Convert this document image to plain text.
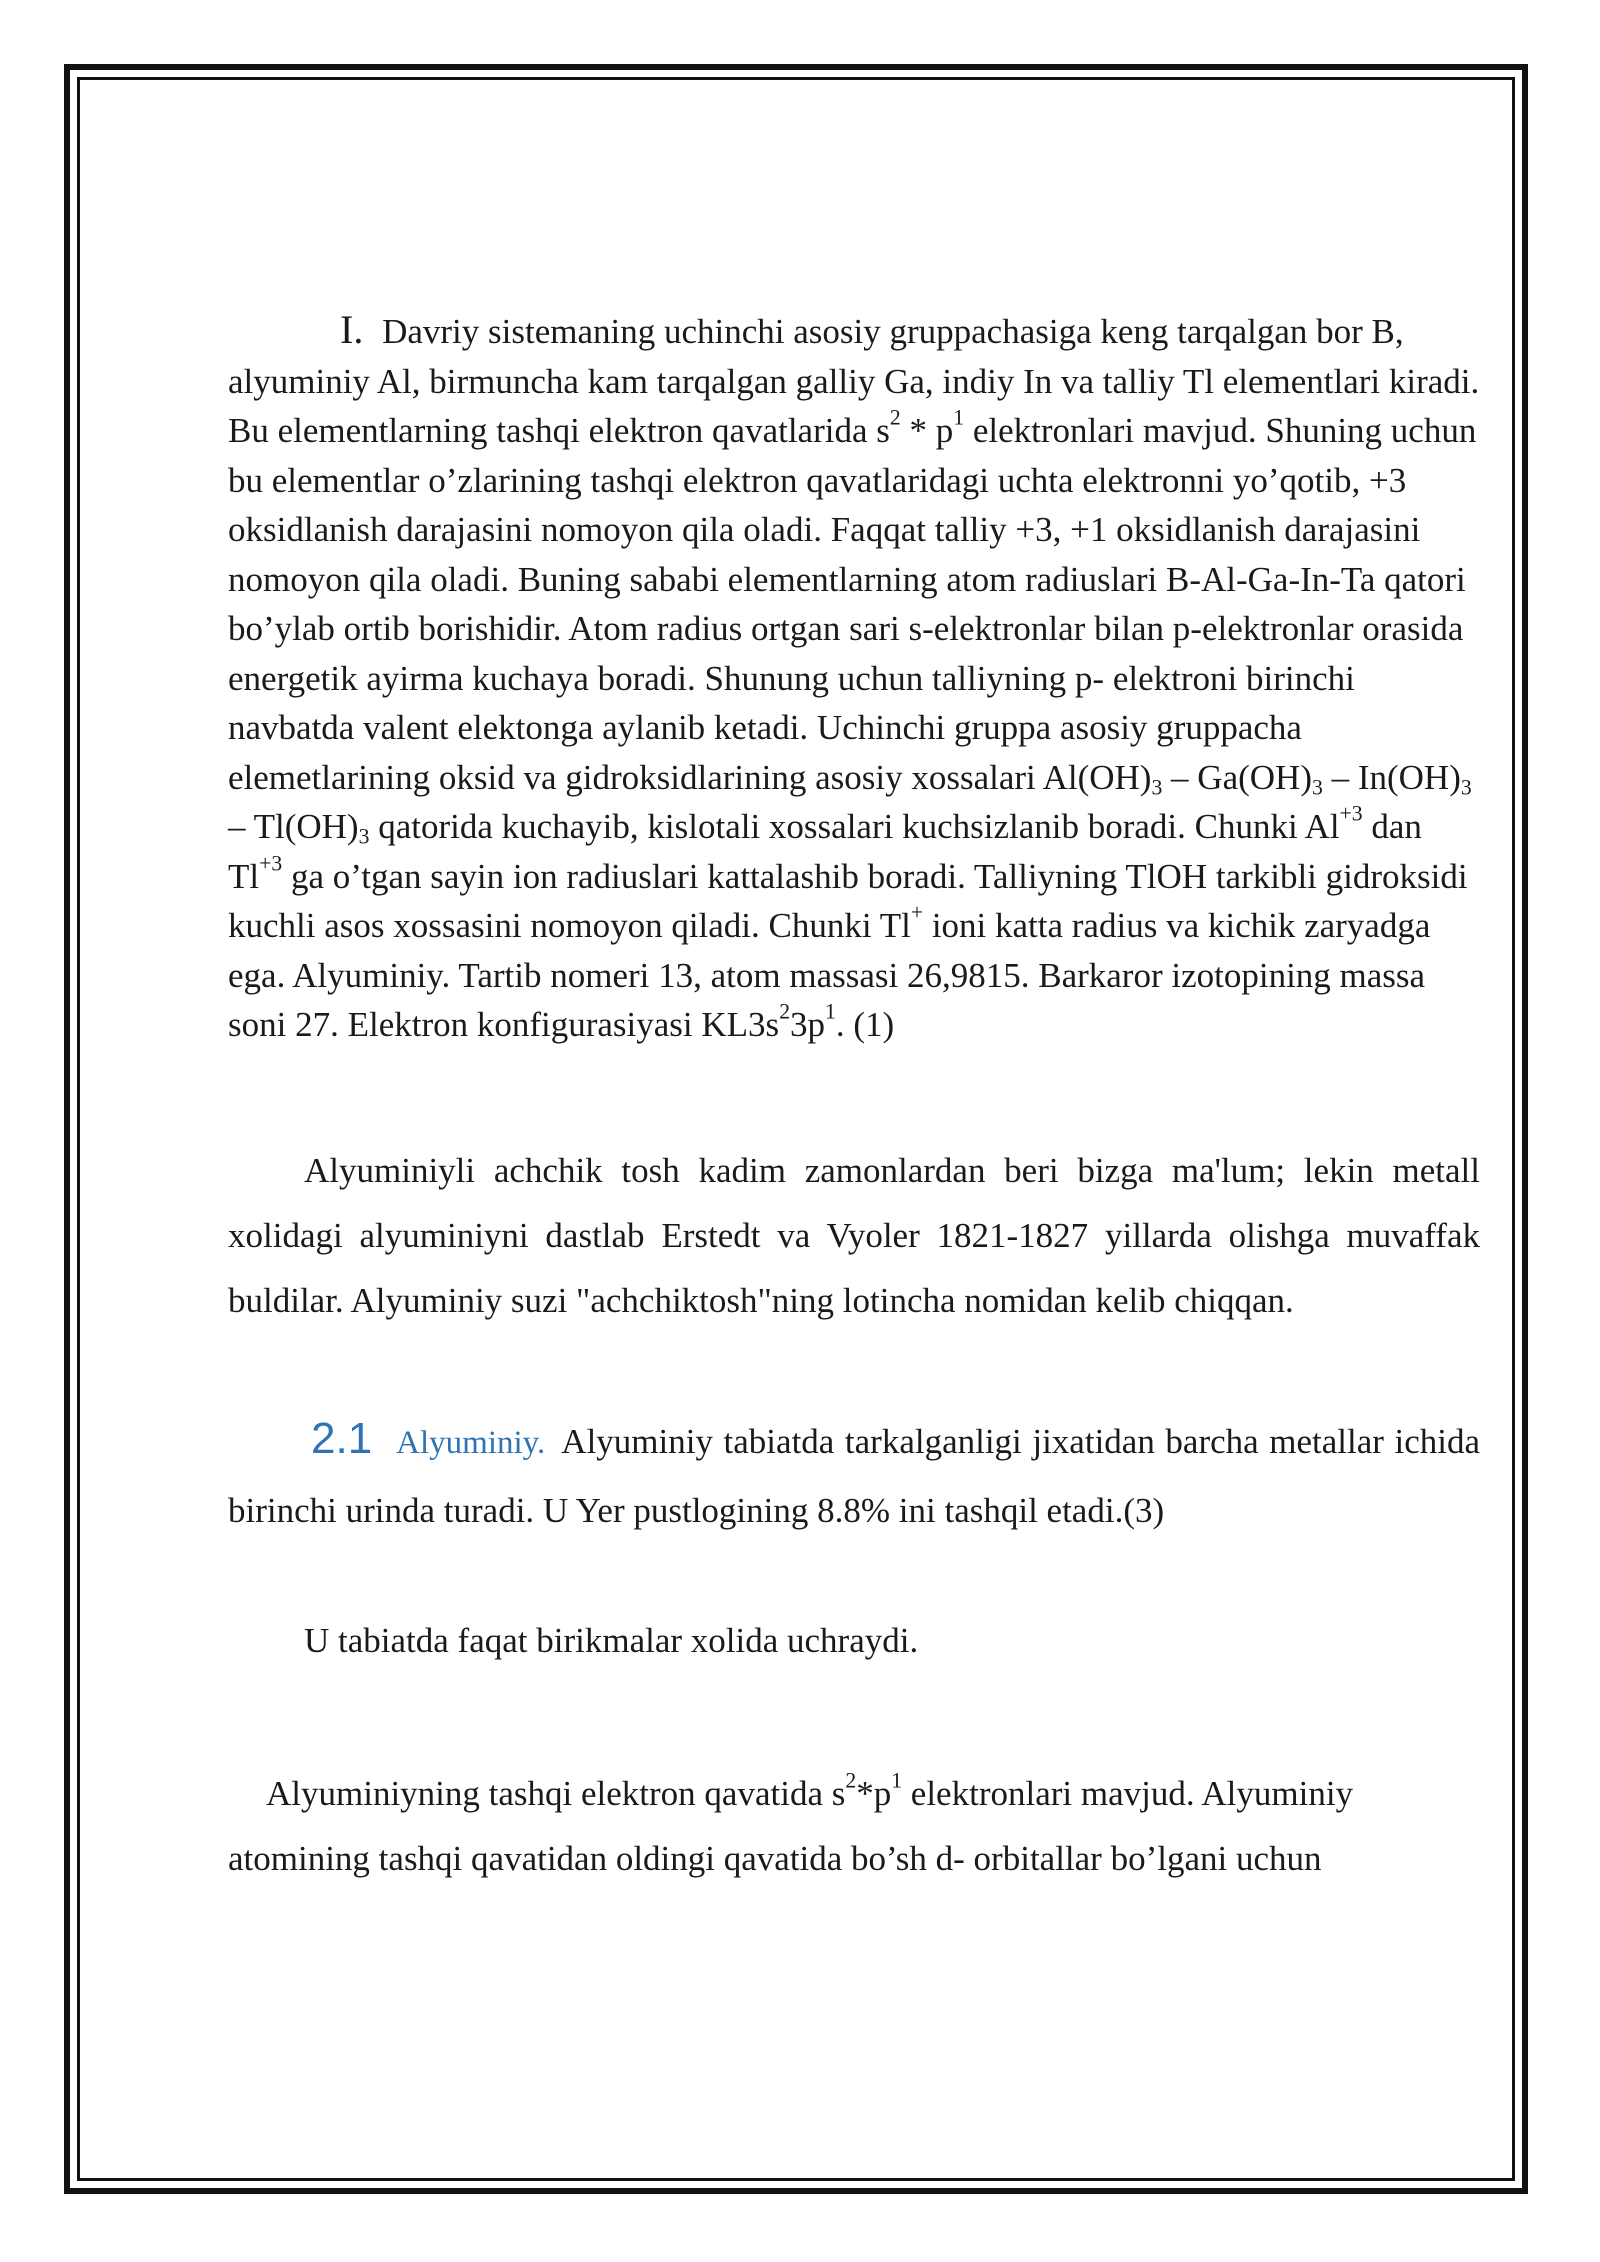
I. Davriy sistemaning uchinchi asosiy gruppachasiga keng tarqalgan bor B, alyuminiy Al, birmuncha kam tarqalgan galliy Ga, indiy In va talliy Tl elementlari kiradi. Bu elementlarning tashqi elektron qavatlarida $s^2 * p^1$ elektronlari mavjud. Shuning uchun bu elementlar o’zlarining tashqi elektron qavatlaridagi uchta elektronni yo’qotib, +3 oksidlanish darajasini nomoyon qila oladi. Faqqat talliy +3, +1 oksidlanish darajasini nomoyon qila oladi. Buning sababi elementlarning atom radiuslari B-Al-Ga-In-Ta qatori bo’ylab ortib borishidir. Atom radius ortgan sari s-elektronlar bilan p-elektronlar orasida energetik ayirma kuchaya boradi. Shunung uchun talliyning p- elektroni birinchi navbatda valent elektonga aylanib ketadi. Uchinchi gruppa asosiy gruppacha elemetlarining oksid va gidroksidlarining asosiy xossalari $Al(OH)_3 - Ga(OH)_3 - In(OH)_3 - Tl(OH)_3$ qatorida kuchayib, kislotali xossalari kuchsizlanib boradi. Chunki $Al^{+3}$ dan $Tl^{+3}$ ga o’tgan sayin ion radiuslari kattalashib boradi. Talliyning TlOH tarkibli gidroksidi kuchli asos xossasini nomoyon qiladi. Chunki Tl+ ioni katta radius va kichik zaryadga ega. Alyuminiy. Tartib nomeri 13, atom massasi 26,9815. Barkaror izotopining massa soni 27. Elektron konfigurasiyasi $KL3s^23p^1$. (1)

Alyuminiyli achchik tosh kadim zamonlardan beri bizga ma'lum; lekin metall xolidagi alyuminiyni dastlab Erstedt va Vyoler 1821-1827 yillarda olishga muvaffak buldilar. Alyuminiy suzi "achchiktosh"ning lotincha nomidan kelib chiqqan.

2.1 Alyuminiy. Alyuminiy tabiatda tarkalganligi jixatidan barcha metallar ichida birinchi urinda turadi. U Yer pustlogining 8.8% ini tashqil etadi.(3)

U tabiatda faqat birikmalar xolida uchraydi.

Alyuminiyning tashqi elektron qavatida $s^2*p^1$ elektronlari mavjud. Alyuminiy atomining tashqi qavatidan oldingi qavatida bo’sh d- orbitallar bo’lgani uchun
